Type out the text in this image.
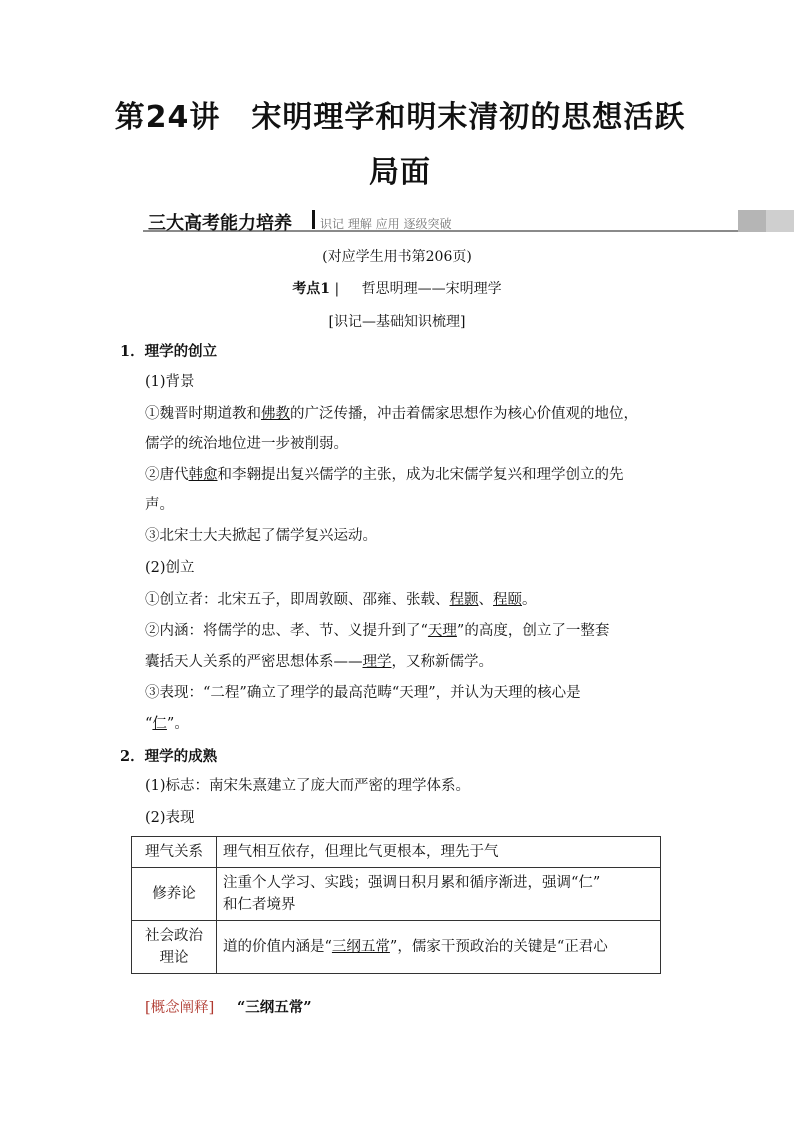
第24讲　宋明理学和明末清初的思想活跃
局面
三大高考能力培养 识记 理解 应用 逐级突破
(对应学生用书第206页)
考点1 | 哲思明理——宋明理学
[识记—基础知识梳理]
1．理学的创立
(1)背景
①魏晋时期道教和佛教的广泛传播，冲击着儒家思想作为核心价值观的地位，
儒学的统治地位进一步被削弱。
②唐代韩愈和李翱提出复兴儒学的主张，成为北宋儒学复兴和理学创立的先
声。
③北宋士大夫掀起了儒学复兴运动。
(2)创立
①创立者：北宋五子，即周敦颐、邵雍、张载、程颢、程颐。
②内涵：将儒学的忠、孝、节、义提升到了“天理”的高度，创立了一整套
囊括天人关系的严密思想体系——理学，又称新儒学。
③表现：“二程”确立了理学的最高范畴“天理”，并认为天理的核心是
“仁”。
2．理学的成熟
(1)标志：南宋朱熹建立了庞大而严密的理学体系。
(2)表现
理气关系	理气相互依存，但理比气更根本，理先于气
修养论	注重个人学习、实践；强调日积月累和循序渐进，强调“仁”
和仁者境界

社会政治
理论	道的价值内涵是“三纲五常”，儒家干预政治的关键是“正君心
[概念阐释] “三纲五常”
